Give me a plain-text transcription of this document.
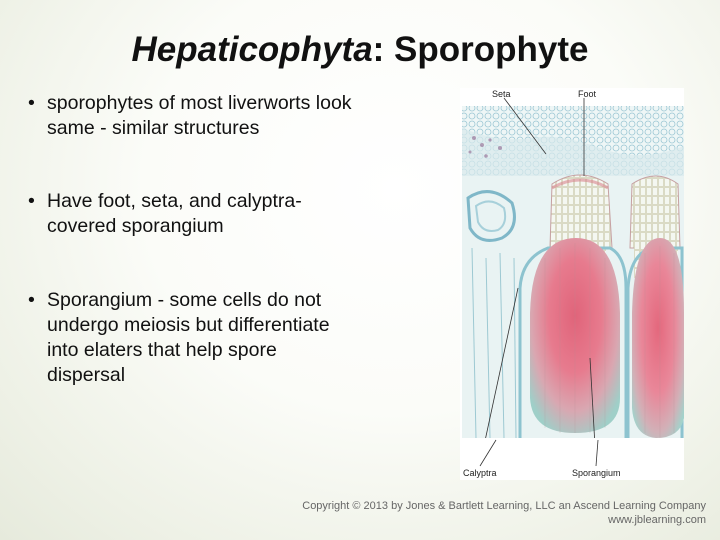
Hepaticophyta: Sporophyte
• sporophytes of most liverworts look
same - similar structures
• Have foot, seta, and calyptra-
covered sporangium
• Sporangium - some cells do not
undergo meiosis but differentiate
into elaters that help spore
dispersal
Seta	Foot
Calyptra	Sporangium
Copyright © 2013 by Jones & Bartlett Learning, LLC an Ascend Learning Company
www.jblearning.com
